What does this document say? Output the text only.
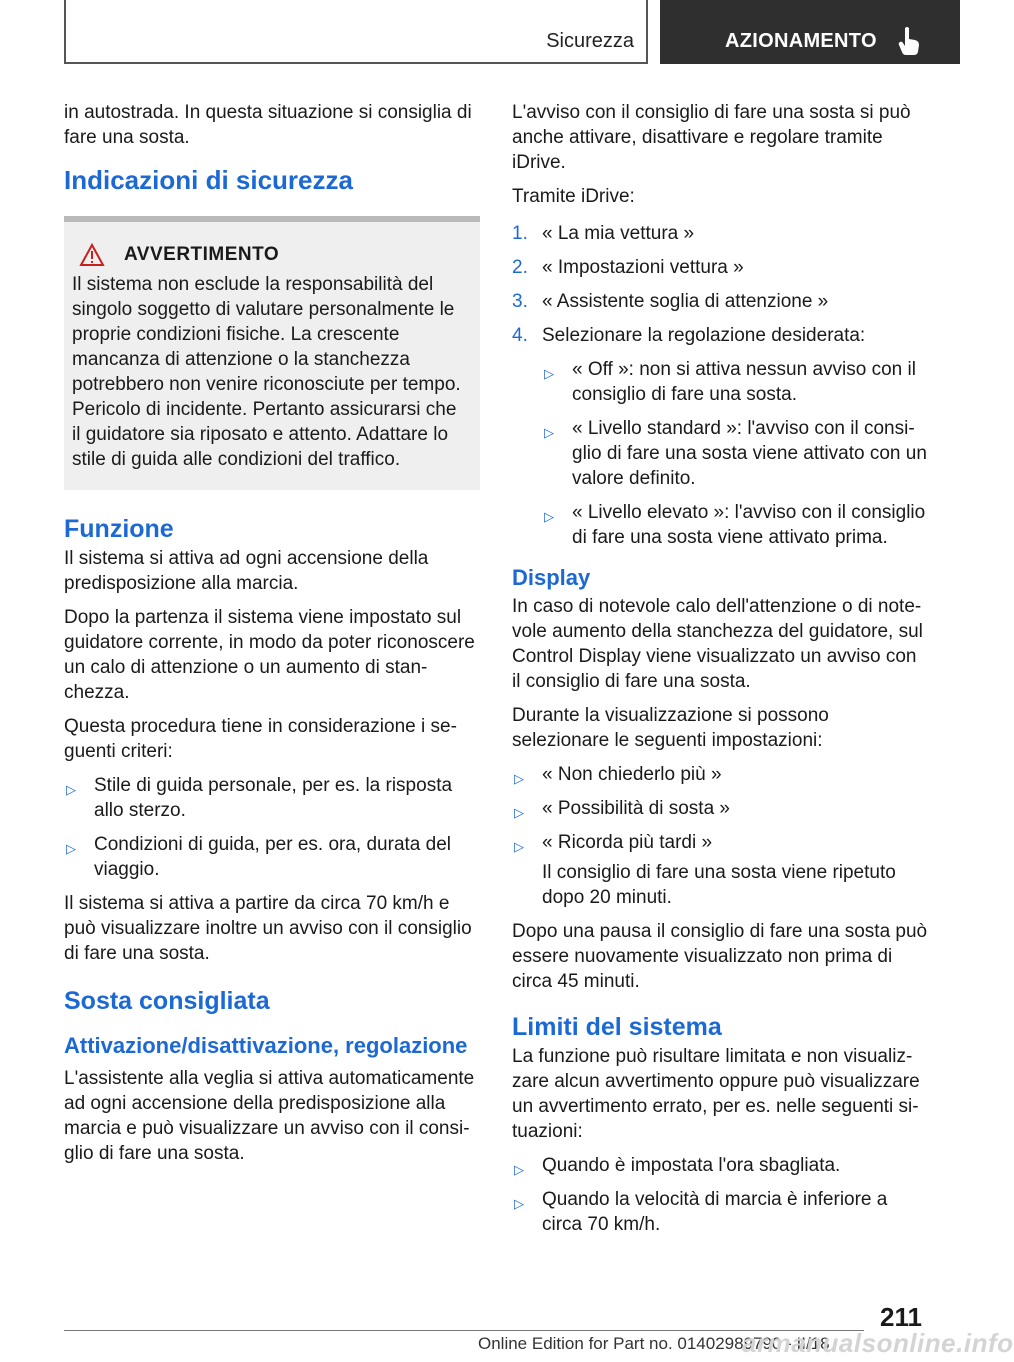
Sicurezza	AZIONAMENTO

in autostrada. In questa situazione si consiglia di fare una sosta.

Indicazioni di sicurezza
AVVERTIMENTO

Il sistema non esclude la responsabilità del singolo soggetto di valutare personalmente le proprie condizioni fisiche. La crescente mancanza di attenzione o la stanchezza potrebbero non venire riconosciute per tempo. Pericolo di incidente. Pertanto assicurarsi che il guidatore sia riposato e attento. Adattare lo stile di guida alle condizioni del traffico.

Funzione

Il sistema si attiva ad ogni accensione della predisposizione alla marcia.

Dopo la partenza il sistema viene impostato sul guidatore corrente, in modo da poter riconoscere un calo di attenzione o un aumento di stanchezza.

Questa procedura tiene in considerazione i seguenti criteri:

▷ Stile di guida personale, per es. la risposta allo sterzo.
▷ Condizioni di guida, per es. ora, durata del viaggio.

Il sistema si attiva a partire da circa 70 km/h e può visualizzare inoltre un avviso con il consiglio di fare una sosta.

Sosta consigliata
Attivazione/disattivazione, regolazione

L'assistente alla veglia si attiva automaticamente ad ogni accensione della predisposizione alla marcia e può visualizzare un avviso con il consiglio di fare una sosta.

L'avviso con il consiglio di fare una sosta si può anche attivare, disattivare e regolare tramite iDrive.

Tramite iDrive:

1. « La mia vettura »
2. « Impostazioni vettura »
3. « Assistente soglia di attenzione »
4. Selezionare la regolazione desiderata:
▷ « Off »: non si attiva nessun avviso con il consiglio di fare una sosta.
▷ « Livello standard »: l'avviso con il consiglio di fare una sosta viene attivato con un valore definito.
▷ « Livello elevato »: l'avviso con il consiglio di fare una sosta viene attivato prima.
Display

In caso di notevole calo dell'attenzione o di notevole aumento della stanchezza del guidatore, sul Control Display viene visualizzato un avviso con il consiglio di fare una sosta.

Durante la visualizzazione si possono selezionare le seguenti impostazioni:

▷ « Non chiederlo più »
▷ « Possibilità di sosta »
▷ « Ricorda più tardi »

Il consiglio di fare una sosta viene ripetuto dopo 20 minuti.

Dopo una pausa il consiglio di fare una sosta può essere nuovamente visualizzato non prima di circa 45 minuti.

Limiti del sistema

La funzione può risultare limitata e non visualizzare alcun avvertimento oppure può visualizzare un avvertimento errato, per es. nelle seguenti situazioni:

▷ Quando è impostata l'ora sbagliata.
▷ Quando la velocità di marcia è inferiore a circa 70 km/h.
211
Online Edition for Part no. 01402989790 - II/18
armanualsonline.info
